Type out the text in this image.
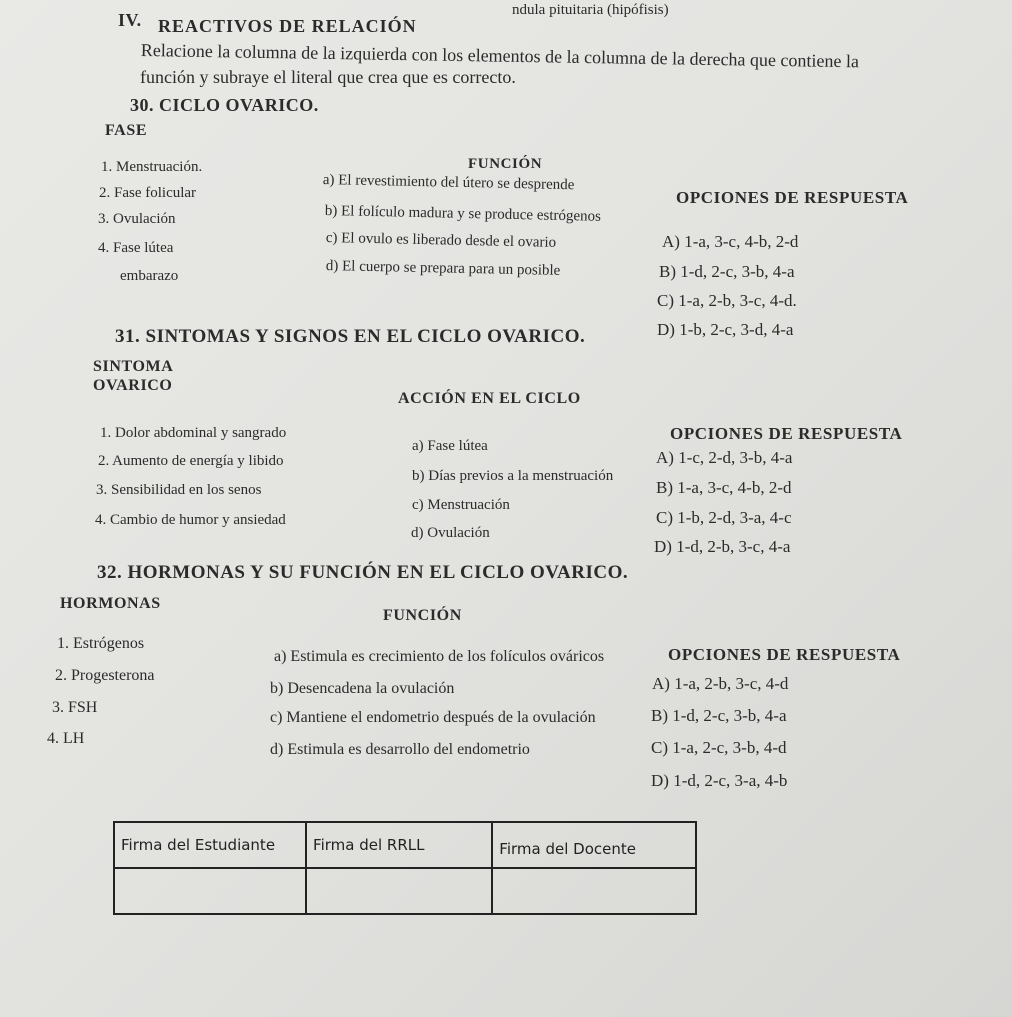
ndula pituitaria (hipófisis)
IV. REACTIVOS DE RELACIÓN
Relacione la columna de la izquierda con los elementos de la columna de la derecha que contiene la
función y subraye el literal que crea que es correcto.
30. CICLO OVARICO.
FASE
FUNCIÓN
OPCIONES DE RESPUESTA
1. Menstruación.
2. Fase folicular
3. Ovulación
4. Fase lútea
embarazo
a) El revestimiento del útero se desprende
b) El folículo madura y se produce estrógenos
c) El ovulo es liberado desde el ovario
d) El cuerpo se prepara para un posible
A) 1-a, 3-c, 4-b, 2-d
B) 1-d, 2-c, 3-b, 4-a
C) 1-a, 2-b, 3-c, 4-d.
D) 1-b, 2-c, 3-d, 4-a
31. SINTOMAS Y SIGNOS EN EL CICLO OVARICO.
SINTOMA
OVARICO
ACCIÓN EN EL CICLO
OPCIONES DE RESPUESTA
1. Dolor abdominal y sangrado
2. Aumento de energía y libido
3. Sensibilidad en los senos
4. Cambio de humor y ansiedad
a) Fase lútea
b) Días previos a la menstruación
c) Menstruación
d) Ovulación
A) 1-c, 2-d, 3-b, 4-a
B) 1-a, 3-c, 4-b, 2-d
C) 1-b, 2-d, 3-a, 4-c
D) 1-d, 2-b, 3-c, 4-a
32. HORMONAS Y SU FUNCIÓN EN EL CICLO OVARICO.
HORMONAS
FUNCIÓN
OPCIONES DE RESPUESTA
1. Estrógenos
2. Progesterona
3. FSH
4. LH
a) Estimula es crecimiento de los folículos ováricos
b) Desencadena la ovulación
c) Mantiene el endometrio después de la ovulación
d) Estimula es desarrollo del endometrio
A) 1-a, 2-b, 3-c, 4-d
B) 1-d, 2-c, 3-b, 4-a
C) 1-a, 2-c, 3-b, 4-d
D) 1-d, 2-c, 3-a, 4-b
Firma del Estudiante	Firma del RRLL	Firma del Docente
